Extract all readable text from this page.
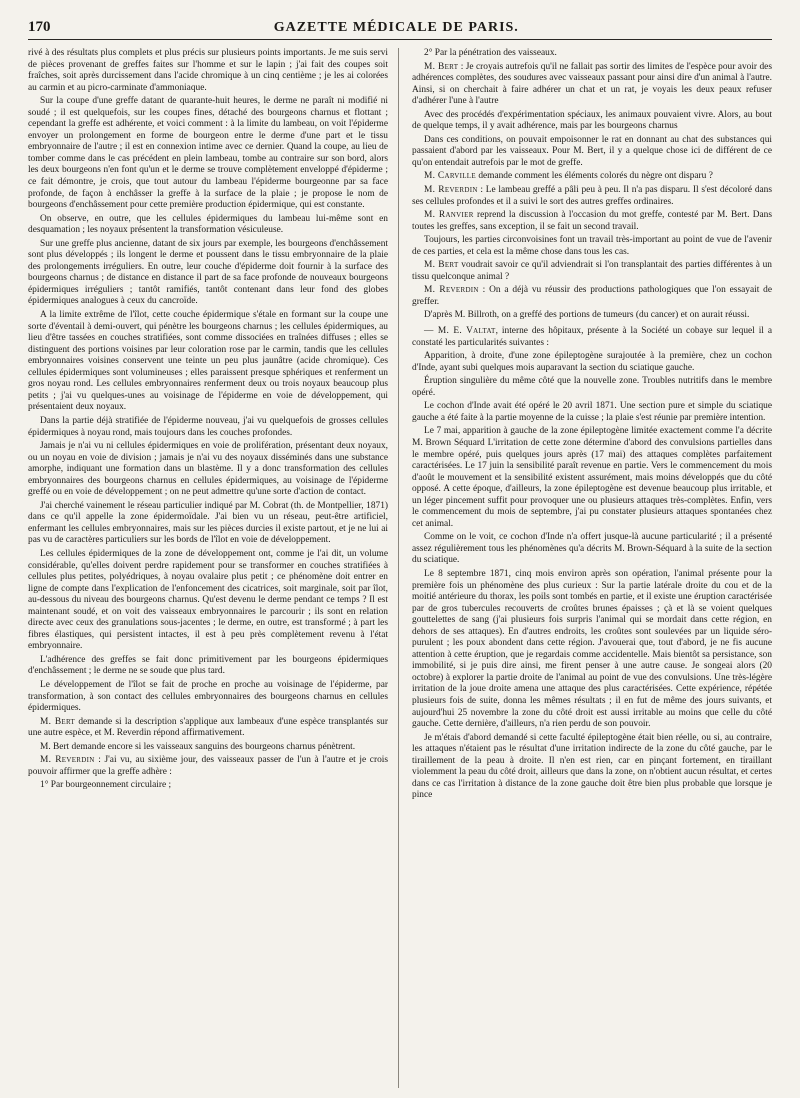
170	GAZETTE MÉDICALE DE PARIS.

rivé à des résultats plus complets et plus précis sur plusieurs points importants. Je me suis servi de pièces provenant de greffes faites sur l'homme et sur le lapin ; j'ai fait des coupes soit fraîches, soit après durcissement dans l'acide chromique à un cinq centième ; je les ai colorées au carmin et au picro-carminate d'ammoniaque.

Sur la coupe d'une greffe datant de quarante-huit heures, le derme ne paraît ni modifié ni soudé ; il est quelquefois, sur les coupes fines, détaché des bourgeons charnus et flottant ; cependant la greffe est adhérente, et voici comment : à la limite du lambeau, on voit l'épiderme envoyer un prolongement en forme de bourgeon entre le derme d'une part et le tissu embryonnaire de l'autre ; il est en connexion intime avec ce dernier. Quand la coupe, au lieu de tomber comme dans le cas précédent en plein lambeau, tombe au contraire sur son bord, alors les deux bourgeons n'en font qu'un et le derme se trouve complètement enveloppé d'épiderme ; ce fait démontre, je crois, que tout autour du lambeau l'épiderme bourgeonne par sa face profonde, de façon à enchâsser la greffe à la surface de la plaie ; je propose le nom de bourgeons d'enchâssement pour cette première production épidermique, qui est constante.

On observe, en outre, que les cellules épidermiques du lambeau lui-même sont en desquamation ; les noyaux présentent la transformation vésiculeuse.

Sur une greffe plus ancienne, datant de six jours par exemple, les bourgeons d'enchâssement sont plus développés ; ils longent le derme et poussent dans le tissu embryonnaire de la plaie des prolongements irréguliers. En outre, leur couche d'épiderme doit fournir à la surface des bourgeons charnus ; de distance en distance il part de sa face profonde de nouveaux bourgeons épidermiques irréguliers ; tantôt ramifiés, tantôt contenant dans leur fond des globes épidermiques analogues à ceux du cancroïde.

A la limite extrême de l'îlot, cette couche épidermique s'étale en formant sur la coupe une sorte d'éventail à demi-ouvert, qui pénètre les bourgeons charnus ; les cellules épidermiques, au lieu d'être tassées en couches stratifiées, sont comme dissociées en traînées diffuses ; elles se distinguent des portions voisines par leur coloration rose par le carmin, tandis que les cellules embryonnaires voisines conservent une teinte un peu plus jaunâtre (acide chromique). Ces cellules épidermiques sont volumineuses ; elles paraissent presque sphériques et renferment un gros noyau rond. Les cellules embryonnaires renferment deux ou trois noyaux beaucoup plus petits ; j'ai vu quelques-unes au voisinage de l'épiderme en voie de développement, qui présentaient deux noyaux.

Dans la partie déjà stratifiée de l'épiderme nouveau, j'ai vu quelquefois de grosses cellules épidermiques à noyau rond, mais toujours dans les couches profondes.

Jamais je n'ai vu ni cellules épidermiques en voie de prolifération, présentant deux noyaux, ou un noyau en voie de division ; jamais je n'ai vu des noyaux disséminés dans une substance amorphe, indiquant une formation dans un blastème. Il y a donc transformation des cellules embryonnaires des bourgeons charnus en cellules épidermiques, au voisinage de l'épiderme greffé ou en voie de développement ; on ne peut admettre qu'une sorte d'action de contact.

J'ai cherché vainement le réseau particulier indiqué par M. Cobrat (th. de Montpellier, 1871) dans ce qu'il appelle la zone épidermoïdale. J'ai bien vu un réseau, peut-être artificiel, enfermant les cellules embryonnaires, mais sur les pièces durcies il existe partout, et je ne lui ai pas vu de caractères particuliers sur les bords de l'îlot en voie de développement.

Les cellules épidermiques de la zone de développement ont, comme je l'ai dit, un volume considérable, qu'elles doivent perdre rapidement pour se transformer en couches stratifiées à cellules plus petites, polyédriques, à noyau ovalaire plus petit ; ce phénomène doit entrer en ligne de compte dans l'explication de l'enfoncement des cicatrices, soit marginale, soit par îlot, au-dessous du niveau des bourgeons charnus. Qu'est devenu le derme pendant ce temps ? Il est maintenant soudé, et on voit des vaisseaux embryonnaires le parcourir ; ils sont en relation directe avec ceux des granulations sous-jacentes ; le derme, en outre, est transformé ; à part les fibres élastiques, qui persistent intactes, il est à peu près complètement revenu à l'état embryonnaire.

L'adhérence des greffes se fait donc primitivement par les bourgeons épidermiques d'enchâssement ; le derme ne se soude que plus tard.

Le développement de l'îlot se fait de proche en proche au voisinage de l'épiderme, par transformation, à son contact des cellules embryonnaires des bourgeons charnus en cellules épidermiques.

M. Bert demande si la description s'applique aux lambeaux d'une espèce transplantés sur une autre espèce, et M. Reverdin répond affirmativement.

M. Bert demande encore si les vaisseaux sanguins des bourgeons charnus pénètrent.

M. Reverdin : J'ai vu, au sixième jour, des vaisseaux passer de l'un à l'autre et je crois pouvoir affirmer que la greffe adhère :

1° Par bourgeonnement circulaire ;

2° Par la pénétration des vaisseaux.

M. Bert : Je croyais autrefois qu'il ne fallait pas sortir des limites de l'espèce pour avoir des adhérences complètes, des soudures avec vaisseaux passant pour ainsi dire d'un animal à l'autre. Ainsi, si on cherchait à faire adhérer un chat et un rat, je voyais les deux peaux refuser d'adhérer l'une à l'autre

Avec des procédés d'expérimentation spéciaux, les animaux pouvaient vivre. Alors, au bout de quelque temps, il y avait adhérence, mais par les bourgeons charnus

Dans ces conditions, on pouvait empoisonner le rat en donnant au chat des substances qui passaient d'abord par les vaisseaux. Pour M. Bert, il y a quelque chose ici de différent de ce qu'on entendait autrefois par le mot de greffe.

M. Carville demande comment les éléments colorés du nègre ont disparu ?

M. Reverdin : Le lambeau greffé a pâli peu à peu. Il n'a pas disparu. Il s'est décoloré dans ses cellules profondes et il a suivi le sort des autres greffes ordinaires.

M. Ranvier reprend la discussion à l'occasion du mot greffe, contesté par M. Bert. Dans toutes les greffes, sans exception, il se fait un second travail.

Toujours, les parties circonvoisines font un travail très-important au point de vue de l'avenir de ces parties, et cela est la même chose dans tous les cas.

M. Bert voudrait savoir ce qu'il adviendrait si l'on transplantait des parties différentes à un tissu quelconque animal ?

M. Reverdin : On a déjà vu réussir des productions pathologiques que l'on essayait de greffer.

D'après M. Billroth, on a greffé des portions de tumeurs (du cancer) et on aurait réussi.

— M. E. Valtat, interne des hôpitaux, présente à la Société un cobaye sur lequel il a constaté les particularités suivantes :

Apparition, à droite, d'une zone épileptogène surajoutée à la première, chez un cochon d'Inde, ayant subi quelques mois auparavant la section du sciatique gauche.

Éruption singulière du même côté que la nouvelle zone. Troubles nutritifs dans le membre opéré.

Le cochon d'Inde avait été opéré le 20 avril 1871. Une section pure et simple du sciatique gauche a été faite à la partie moyenne de la cuisse ; la plaie s'est réunie par première intention.

Le 7 mai, apparition à gauche de la zone épileptogène limitée exactement comme l'a décrite M. Brown Séquard L'irritation de cette zone détermine d'abord des convulsions partielles dans le membre opéré, puis quelques jours après (17 mai) des attaques complètes parfaitement caractérisées. Le 17 juin la sensibilité paraît revenue en partie. Vers le commencement du mois d'août le mouvement et la sensibilité existent assurément, mais moins développés que du côté opposé. A cette époque, d'ailleurs, la zone épileptogène est devenue beaucoup plus irritable, et un léger pincement suffit pour provoquer une ou plusieurs attaques très-complètes. Enfin, vers le commencement du mois de septembre, j'ai pu constater plusieurs attaques spontanées chez cet animal.

Comme on le voit, ce cochon d'Inde n'a offert jusque-là aucune particularité ; il a présenté assez régulièrement tous les phénomènes qu'a décrits M. Brown-Séquard à la suite de la section du sciatique.

Le 8 septembre 1871, cinq mois environ après son opération, l'animal présente pour la première fois un phénomène des plus curieux : Sur la partie latérale droite du cou et de la moitié antérieure du thorax, les poils sont tombés en partie, et il existe une éruption caractérisée par de gros tubercules recouverts de croûtes brunes épaisses ; çà et là se voient quelques gouttelettes de sang (j'ai plusieurs fois surpris l'animal qui se mordait dans cette région, en dehors de ses attaques). En d'autres endroits, les croûtes sont soulevées par un liquide séro-purulent ; les poux abondent dans cette région. J'avouerai que, tout d'abord, je ne fis aucune attention à cette éruption, que je regardais comme accidentelle. Mais bientôt sa persistance, son immobilité, si je puis dire ainsi, me firent penser à une autre cause. Je songeai alors (20 octobre) à explorer la partie droite de l'animal au point de vue des convulsions. Une très-légère irritation de la joue droite amena une attaque des plus caractérisées. Cette expérience, répétée plusieurs fois de suite, donna les mêmes résultats ; il en fut de même des jours suivants, et aujourd'hui 25 novembre la zone du côté droit est aussi irritable au moins que celle du côté gauche. Cette dernière, d'ailleurs, n'a rien perdu de son pouvoir.

Je m'étais d'abord demandé si cette faculté épileptogène était bien réelle, ou si, au contraire, les attaques n'étaient pas le résultat d'une irritation indirecte de la zone du côté gauche, par le tiraillement de la peau à droite. Il n'en est rien, car en pinçant fortement, en tiraillant violemment la peau du côté droit, ailleurs que dans la zone, on n'obtient aucun résultat, et certes dans ce cas l'irritation à distance de la zone gauche doit être bien plus probable que lorsque je pince
